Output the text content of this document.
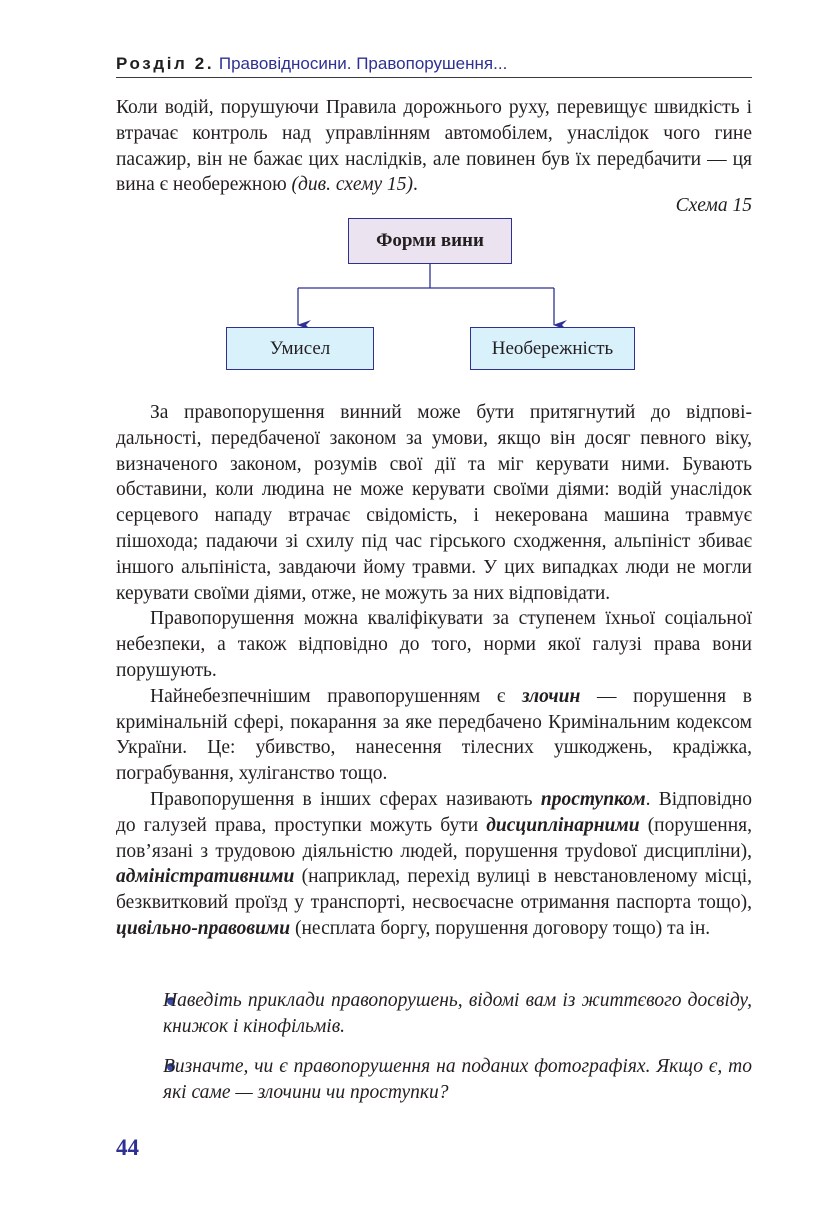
Розділ 2. Правовідносини. Правопорушення...

Коли водій, порушуючи Правила дорожнього руху, перевищує швидкість і втрачає контроль над управлінням автомобілем, унаслідок чого гине пасажир, він не бажає цих наслідків, але повинен був їх передбачити — ця вина є необережною (див. схему 15).

Схема 15
Форми вини
Умисел	Необережність

За правопорушення винний може бути притягнутий до відповідальності, передбаченої законом за умови, якщо він досяг певного віку, визначеного законом, розумів свої дії та міг керувати ними. Бувають обставини, коли людина не може керувати своїми діями: водій унаслідок серцевого нападу втрачає свідомість, і некерована машина травмує пішохода; падаючи зі схилу під час гірського сходження, альпініст збиває іншого альпініста, завдаючи йому травми. У цих випадках люди не могли керувати своїми діями, отже, не можуть за них відповідати.

Правопорушення можна кваліфікувати за ступенем їхньої соціальної небезпеки, а також відповідно до того, норми якої галузі права вони порушують.

Найнебезпечнішим правопорушенням є злочин — порушення в кримінальній сфері, покарання за яке передбачено Кримінальним кодексом України. Це: убивство, нанесення тілесних ушкоджень, крадіжка, пограбування, хуліганство тощо.

Правопорушення в інших сферах називають проступком. Відповідно до галузей права, проступки можуть бути дисциплінарними (порушення, пов’язані з трудовою діяльністю людей, порушення труdової дисципліни), адміністративними (наприклад, перехід вулиці в невстановленому місці, безквитковий проїзд у транспорті, несвоєчасне отримання паспорта тощо), цивільно-правовими (несплата боргу, порушення договору тощо) та ін.

Наведіть приклади правопорушень, відомі вам із життєвого досвіду, книжок і кінофільмів.
Визначте, чи є правопорушення на поданих фотографіях. Якщо є, то які саме — злочини чи проступки?
44
